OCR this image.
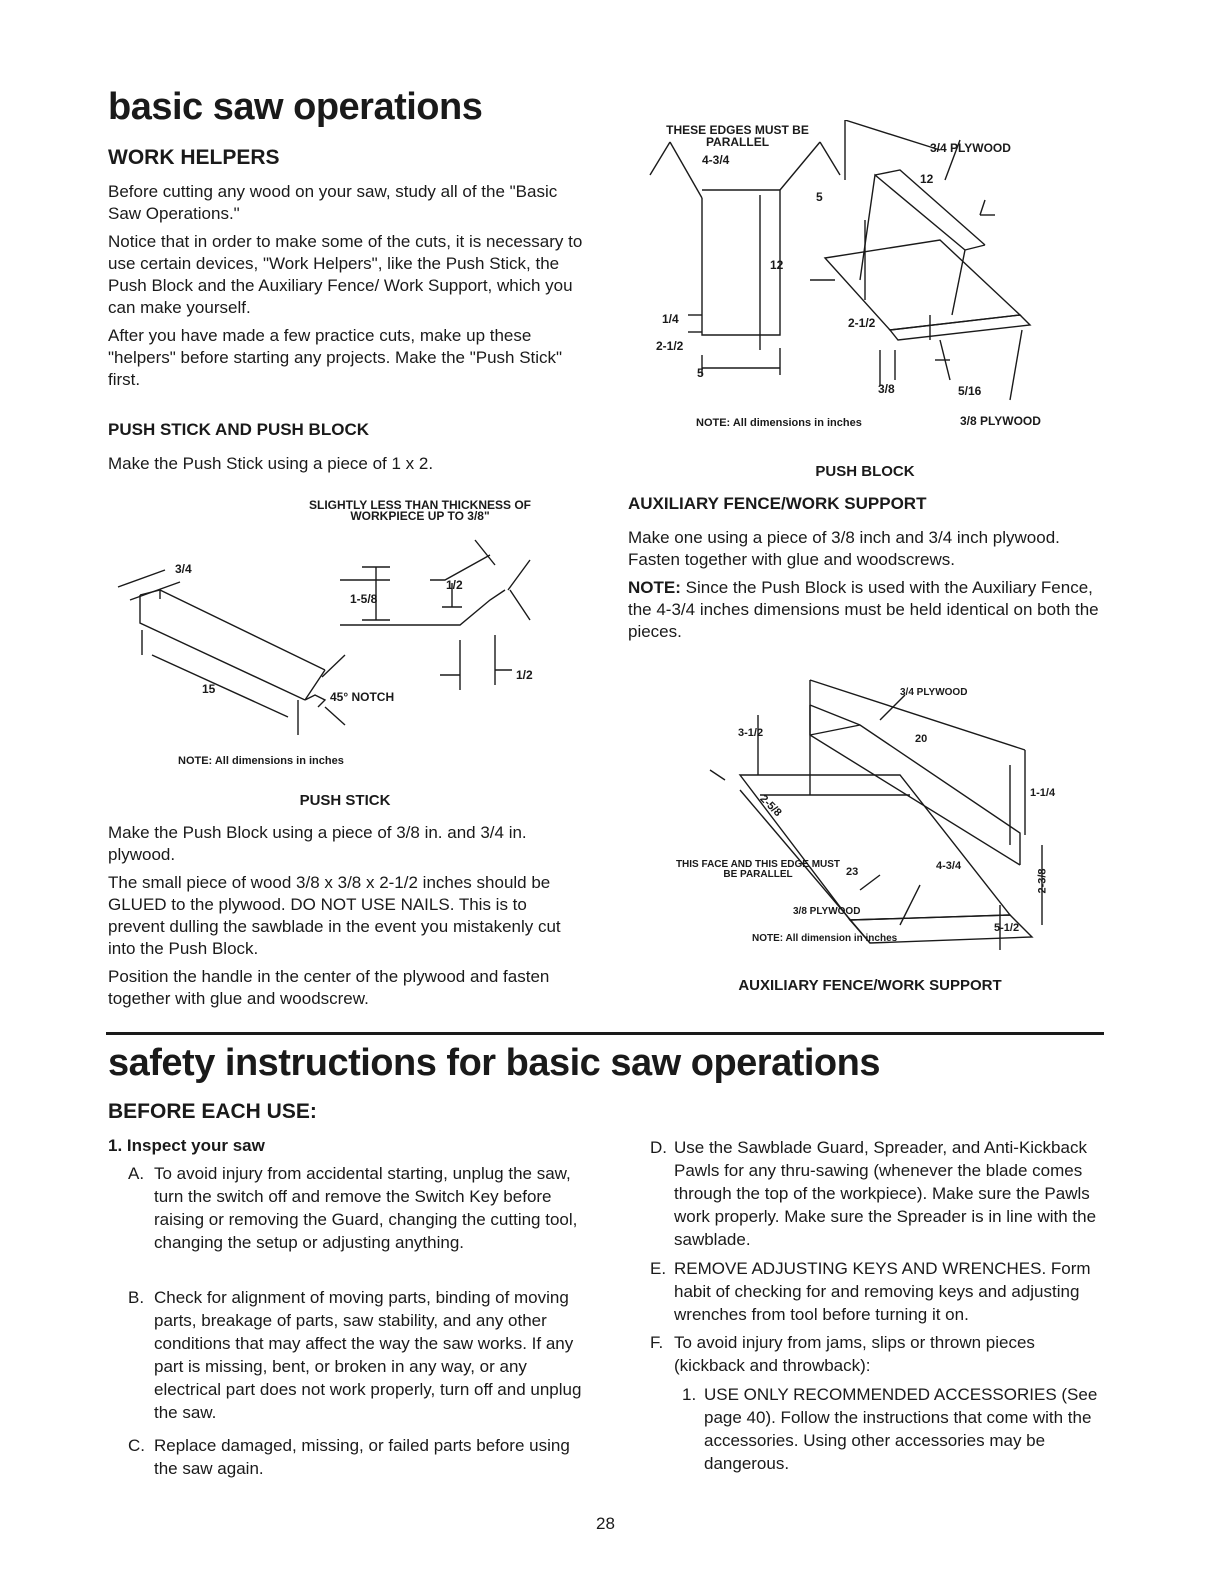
basic saw operations
WORK HELPERS

Before cutting any wood on your saw, study all of the "Basic Saw Operations."

Notice that in order to make some of the cuts, it is necessary to use certain devices, "Work Helpers", like the Push Stick, the Push Block and the Auxiliary Fence/ Work Support, which you can make yourself.

After you have made a few practice cuts, make up these "helpers" before starting any projects. Make the "Push Stick" first.

PUSH STICK AND PUSH BLOCK

Make the Push Stick using a piece of 1 x 2.

SLIGHTLY LESS THAN THICKNESS OF WORKPIECE UP TO 3/8"
3/4
1-5/8
1/2
1/2
15
45° NOTCH
NOTE: All dimensions in inches
PUSH STICK

Make the Push Block using a piece of 3/8 in. and 3/4 in. plywood.

The small piece of wood 3/8 x 3/8 x 2-1/2 inches should be GLUED to the plywood. DO NOT USE NAILS. This is to prevent dulling the sawblade in the event you mistakenly cut into the Push Block.

Position the handle in the center of the plywood and fasten together with glue and woodscrew.

THESE EDGES MUST BE PARALLEL	3/4 PLYWOOD
4-3/4
5
12
12
1/4
2-1/2
2-1/2
5
3/8	5/16
NOTE: All dimensions in inches	3/8 PLYWOOD
PUSH BLOCK
AUXILIARY FENCE/WORK SUPPORT

Make one using a piece of 3/8 inch and 3/4 inch plywood. Fasten together with glue and woodscrews.

NOTE: Since the Push Block is used with the Auxiliary Fence, the 4-3/4 inches dimensions must be held identical on both the pieces.

3/4 PLYWOOD
3-1/2	20
1-1/4
2-5/8
THIS FACE AND THIS EDGE MUST BE PARALLEL	23	4-3/4
2-3/8
3/8 PLYWOOD
5-1/2
NOTE: All dimension in inches
AUXILIARY FENCE/WORK SUPPORT
safety instructions for basic saw operations
BEFORE EACH USE:
1. Inspect your saw
A. To avoid injury from accidental starting, unplug the saw, turn the switch off and remove the Switch Key before raising or removing the Guard, changing the cutting tool, changing the setup or adjusting anything.
B. Check for alignment of moving parts, binding of moving parts, breakage of parts, saw stability, and any other conditions that may affect the way the saw works. If any part is missing, bent, or broken in any way, or any electrical part does not work properly, turn off and unplug the saw.
C. Replace damaged, missing, or failed parts before using the saw again.
D. Use the Sawblade Guard, Spreader, and Anti-Kickback Pawls for any thru-sawing (whenever the blade comes through the top of the workpiece). Make sure the Pawls work properly. Make sure the Spreader is in line with the sawblade.
E. REMOVE ADJUSTING KEYS AND WRENCHES. Form habit of checking for and removing keys and adjusting wrenches from tool before turning it on.
F. To avoid injury from jams, slips or thrown pieces (kickback and throwback):
1. USE ONLY RECOMMENDED ACCESSORIES (See page 40). Follow the instructions that come with the accessories. Using other accessories may be dangerous.
28
